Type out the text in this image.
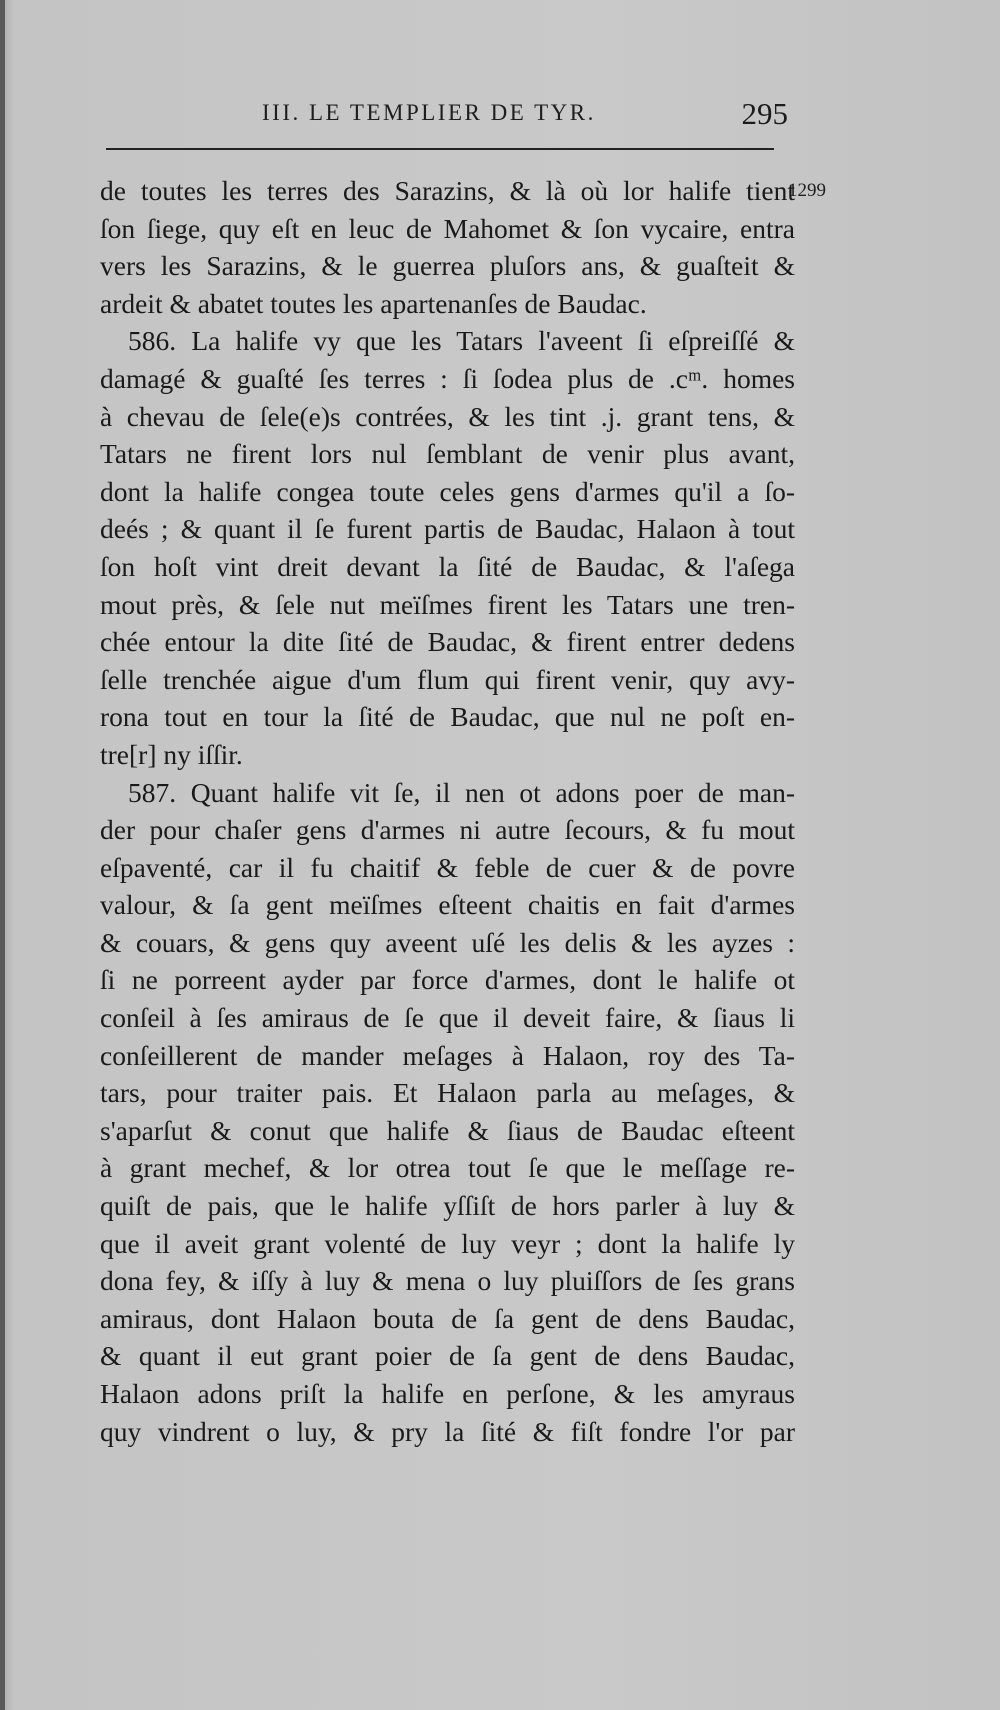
III. LE TEMPLIER DE TYR.	295
1299
de toutes les terres des Sarazins, & là où lor halife tient
ſon ſiege, quy eſt en leuc de Mahomet & ſon vycaire, entra
vers les Sarazins, & le guerrea pluſors ans, & guaſteit &
ardeit & abatet toutes les apartenanſes de Baudac.
586. La halife vy que les Tatars l'aveent ſi eſpreiſſé &
damagé & guaſté ſes terres : ſi ſodea plus de .cᵐ. homes
à chevau de ſele(e)s contrées, & les tint .j. grant tens, &
Tatars ne firent lors nul ſemblant de venir plus avant,
dont la halife congea toute celes gens d'armes qu'il a ſo-
deés ; & quant il ſe furent partis de Baudac, Halaon à tout
ſon hoſt vint dreit devant la ſité de Baudac, & l'aſega
mout près, & ſele nut meïſmes firent les Tatars une tren-
chée entour la dite ſité de Baudac, & firent entrer dedens
ſelle trenchée aigue d'um flum qui firent venir, quy avy-
rona tout en tour la ſité de Baudac, que nul ne poſt en-
tre[r] ny iſſir.
587. Quant halife vit ſe, il nen ot adons poer de man-
der pour chaſer gens d'armes ni autre ſecours, & fu mout
eſpaventé, car il fu chaitif & feble de cuer & de povre
valour, & ſa gent meïſmes eſteent chaitis en fait d'armes
& couars, & gens quy aveent uſé les delis & les ayzes :
ſi ne porreent ayder par force d'armes, dont le halife ot
conſeil à ſes amiraus de ſe que il deveit faire, & ſiaus li
conſeillerent de mander meſages à Halaon, roy des Ta-
tars, pour traiter pais. Et Halaon parla au meſages, &
s'aparſut & conut que halife & ſiaus de Baudac eſteent
à grant mechef, & lor otrea tout ſe que le meſſage re-
quiſt de pais, que le halife yſſiſt de hors parler à luy &
que il aveit grant volenté de luy veyr ; dont la halife ly
dona fey, & iſſy à luy & mena o luy pluiſſors de ſes grans
amiraus, dont Halaon bouta de ſa gent de dens Baudac,
& quant il eut grant poier de ſa gent de dens Baudac,
Halaon adons priſt la halife en perſone, & les amyraus
quy vindrent o luy, & pry la ſité & fiſt fondre l'or par
